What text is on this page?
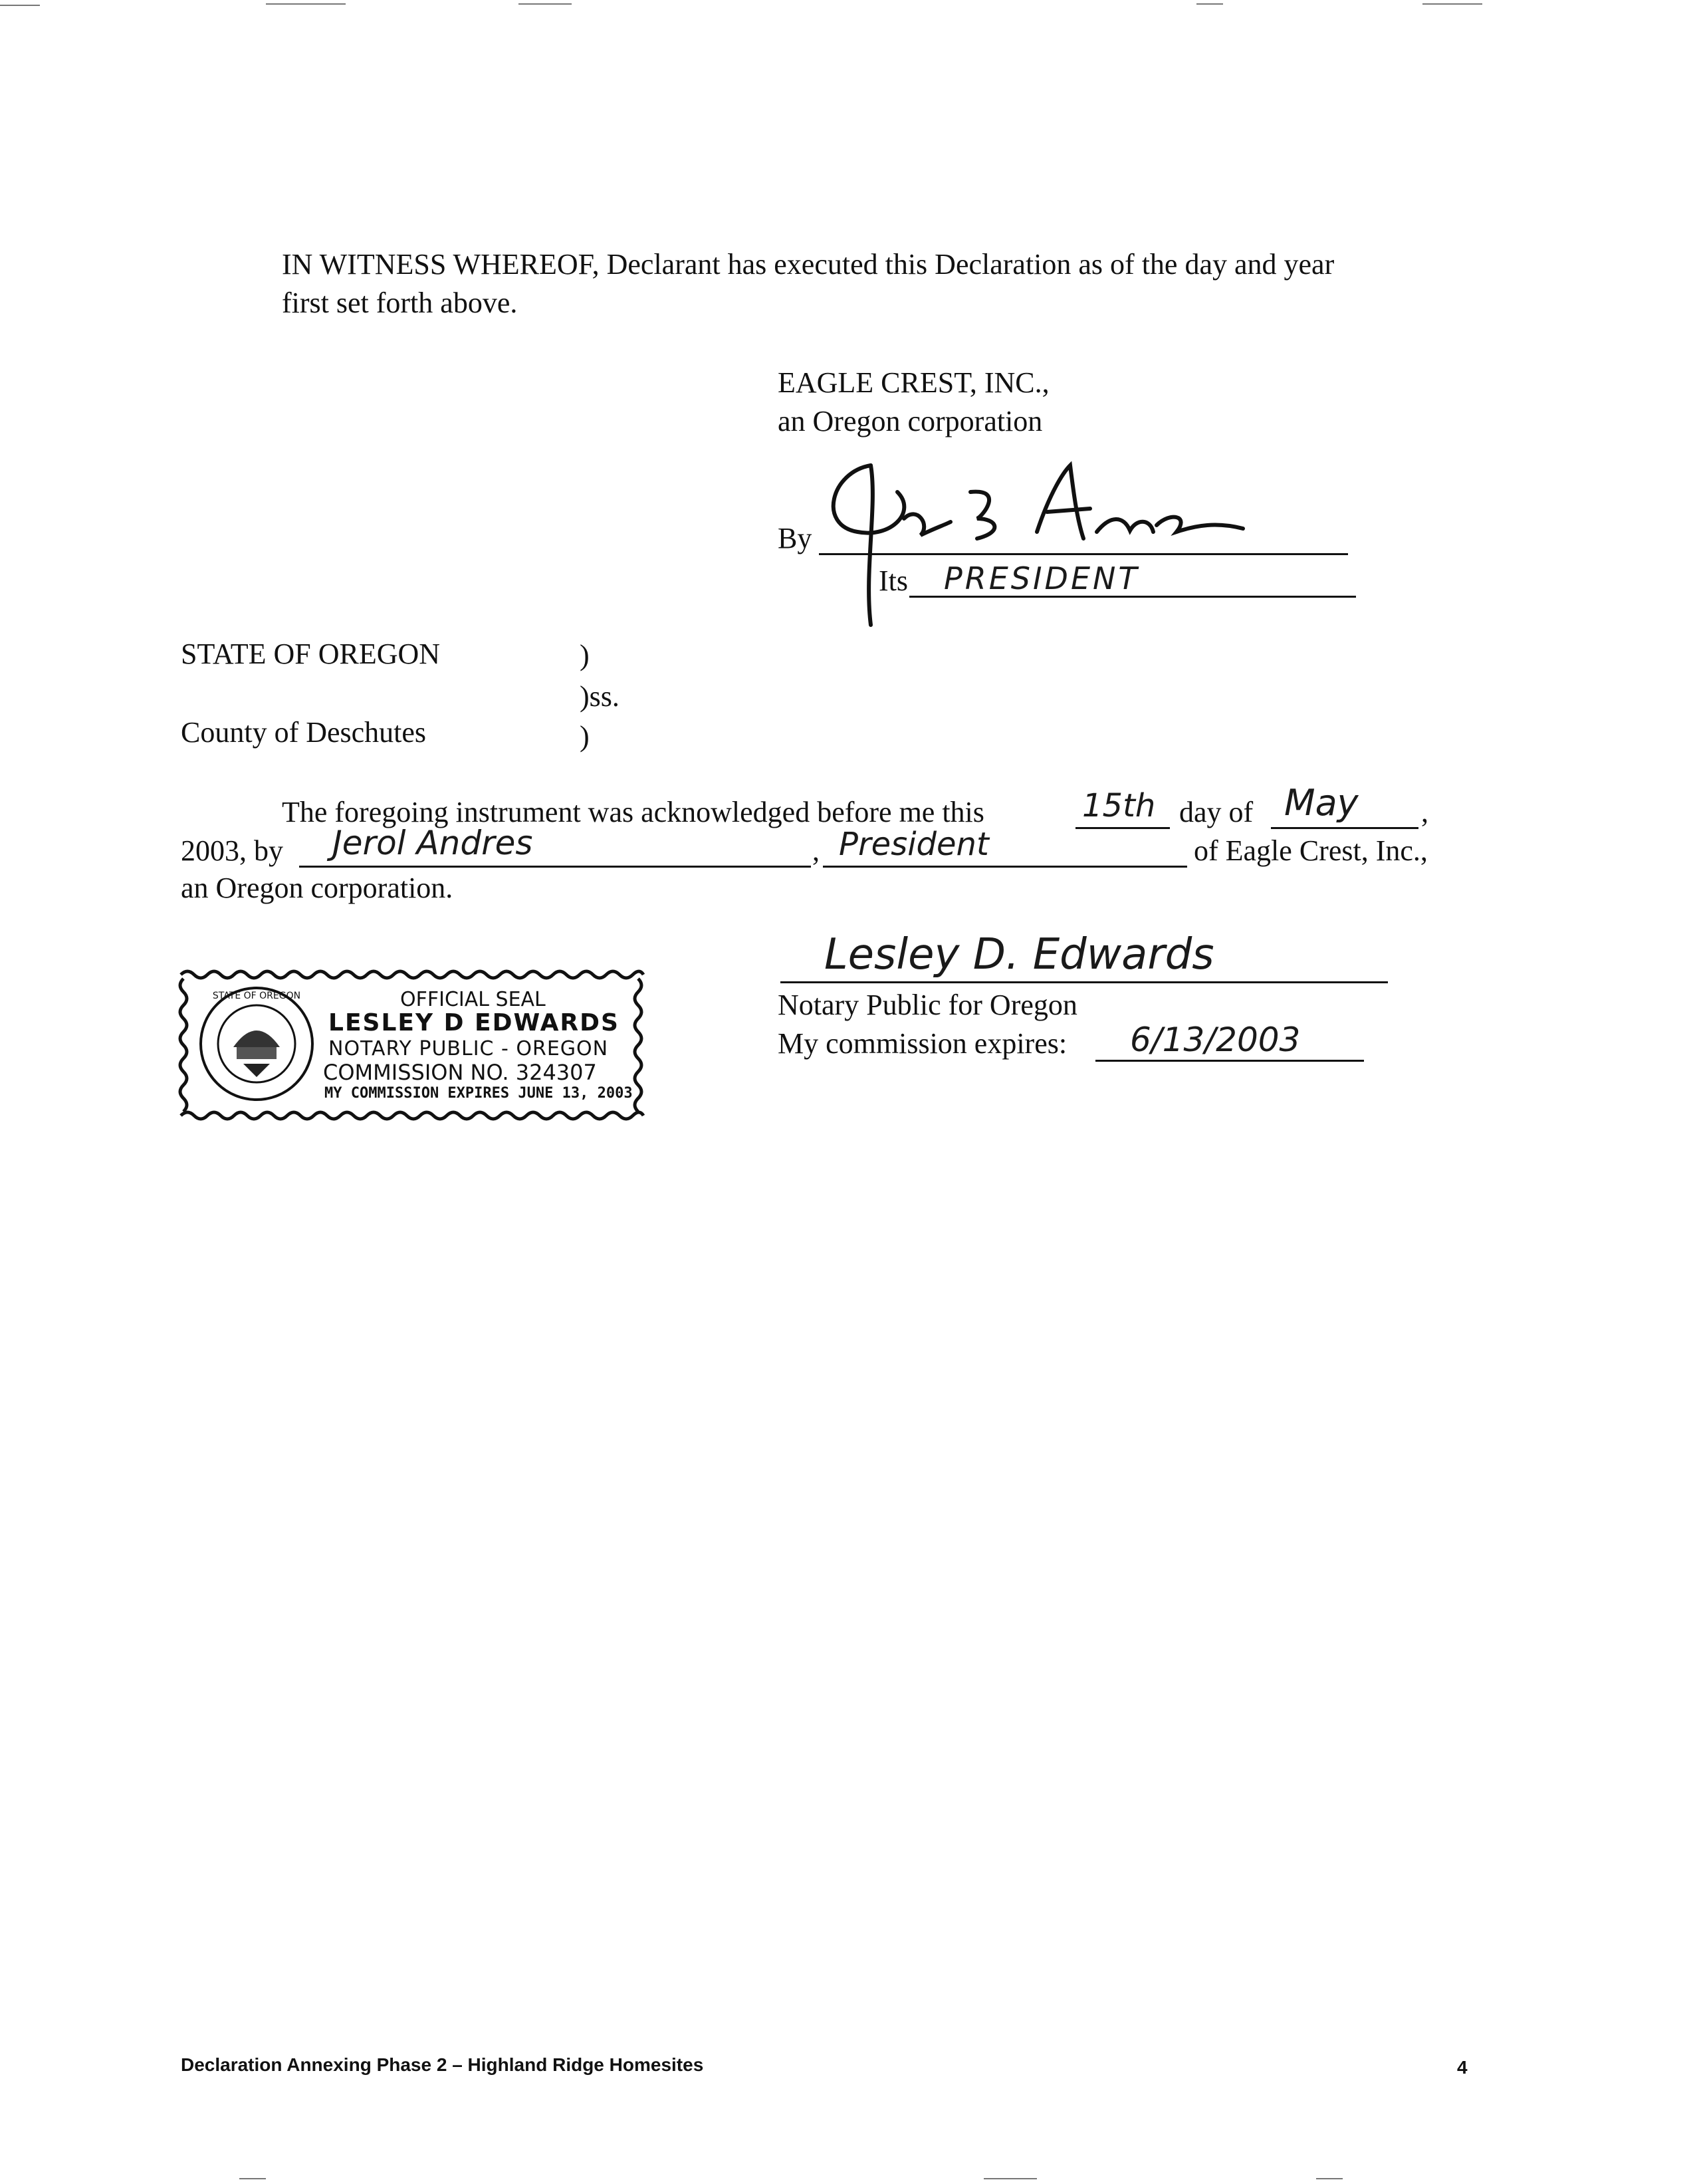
IN WITNESS WHEREOF, Declarant has executed this Declaration as of the day and year
first set forth above.
EAGLE CREST, INC.,
an Oregon corporation
By
Its PRESIDENT
STATE OF OREGON	)
)ss.
County of Deschutes	)
The foregoing instrument was acknowledged before me this	15th day of May ,
2003, by Jerol Andres	, President	of Eagle Crest, Inc.,
an Oregon corporation.
STATE OF OREGON	OFFICIAL SEAL
LESLEY D EDWARDS
NOTARY PUBLIC - OREGON
COMMISSION NO. 324307
MY COMMISSION EXPIRES JUNE 13, 2003
Lesley D. Edwards
Notary Public for Oregon
My commission expires: 6/13/2003
Declaration Annexing Phase 2 – Highland Ridge Homesites	4
